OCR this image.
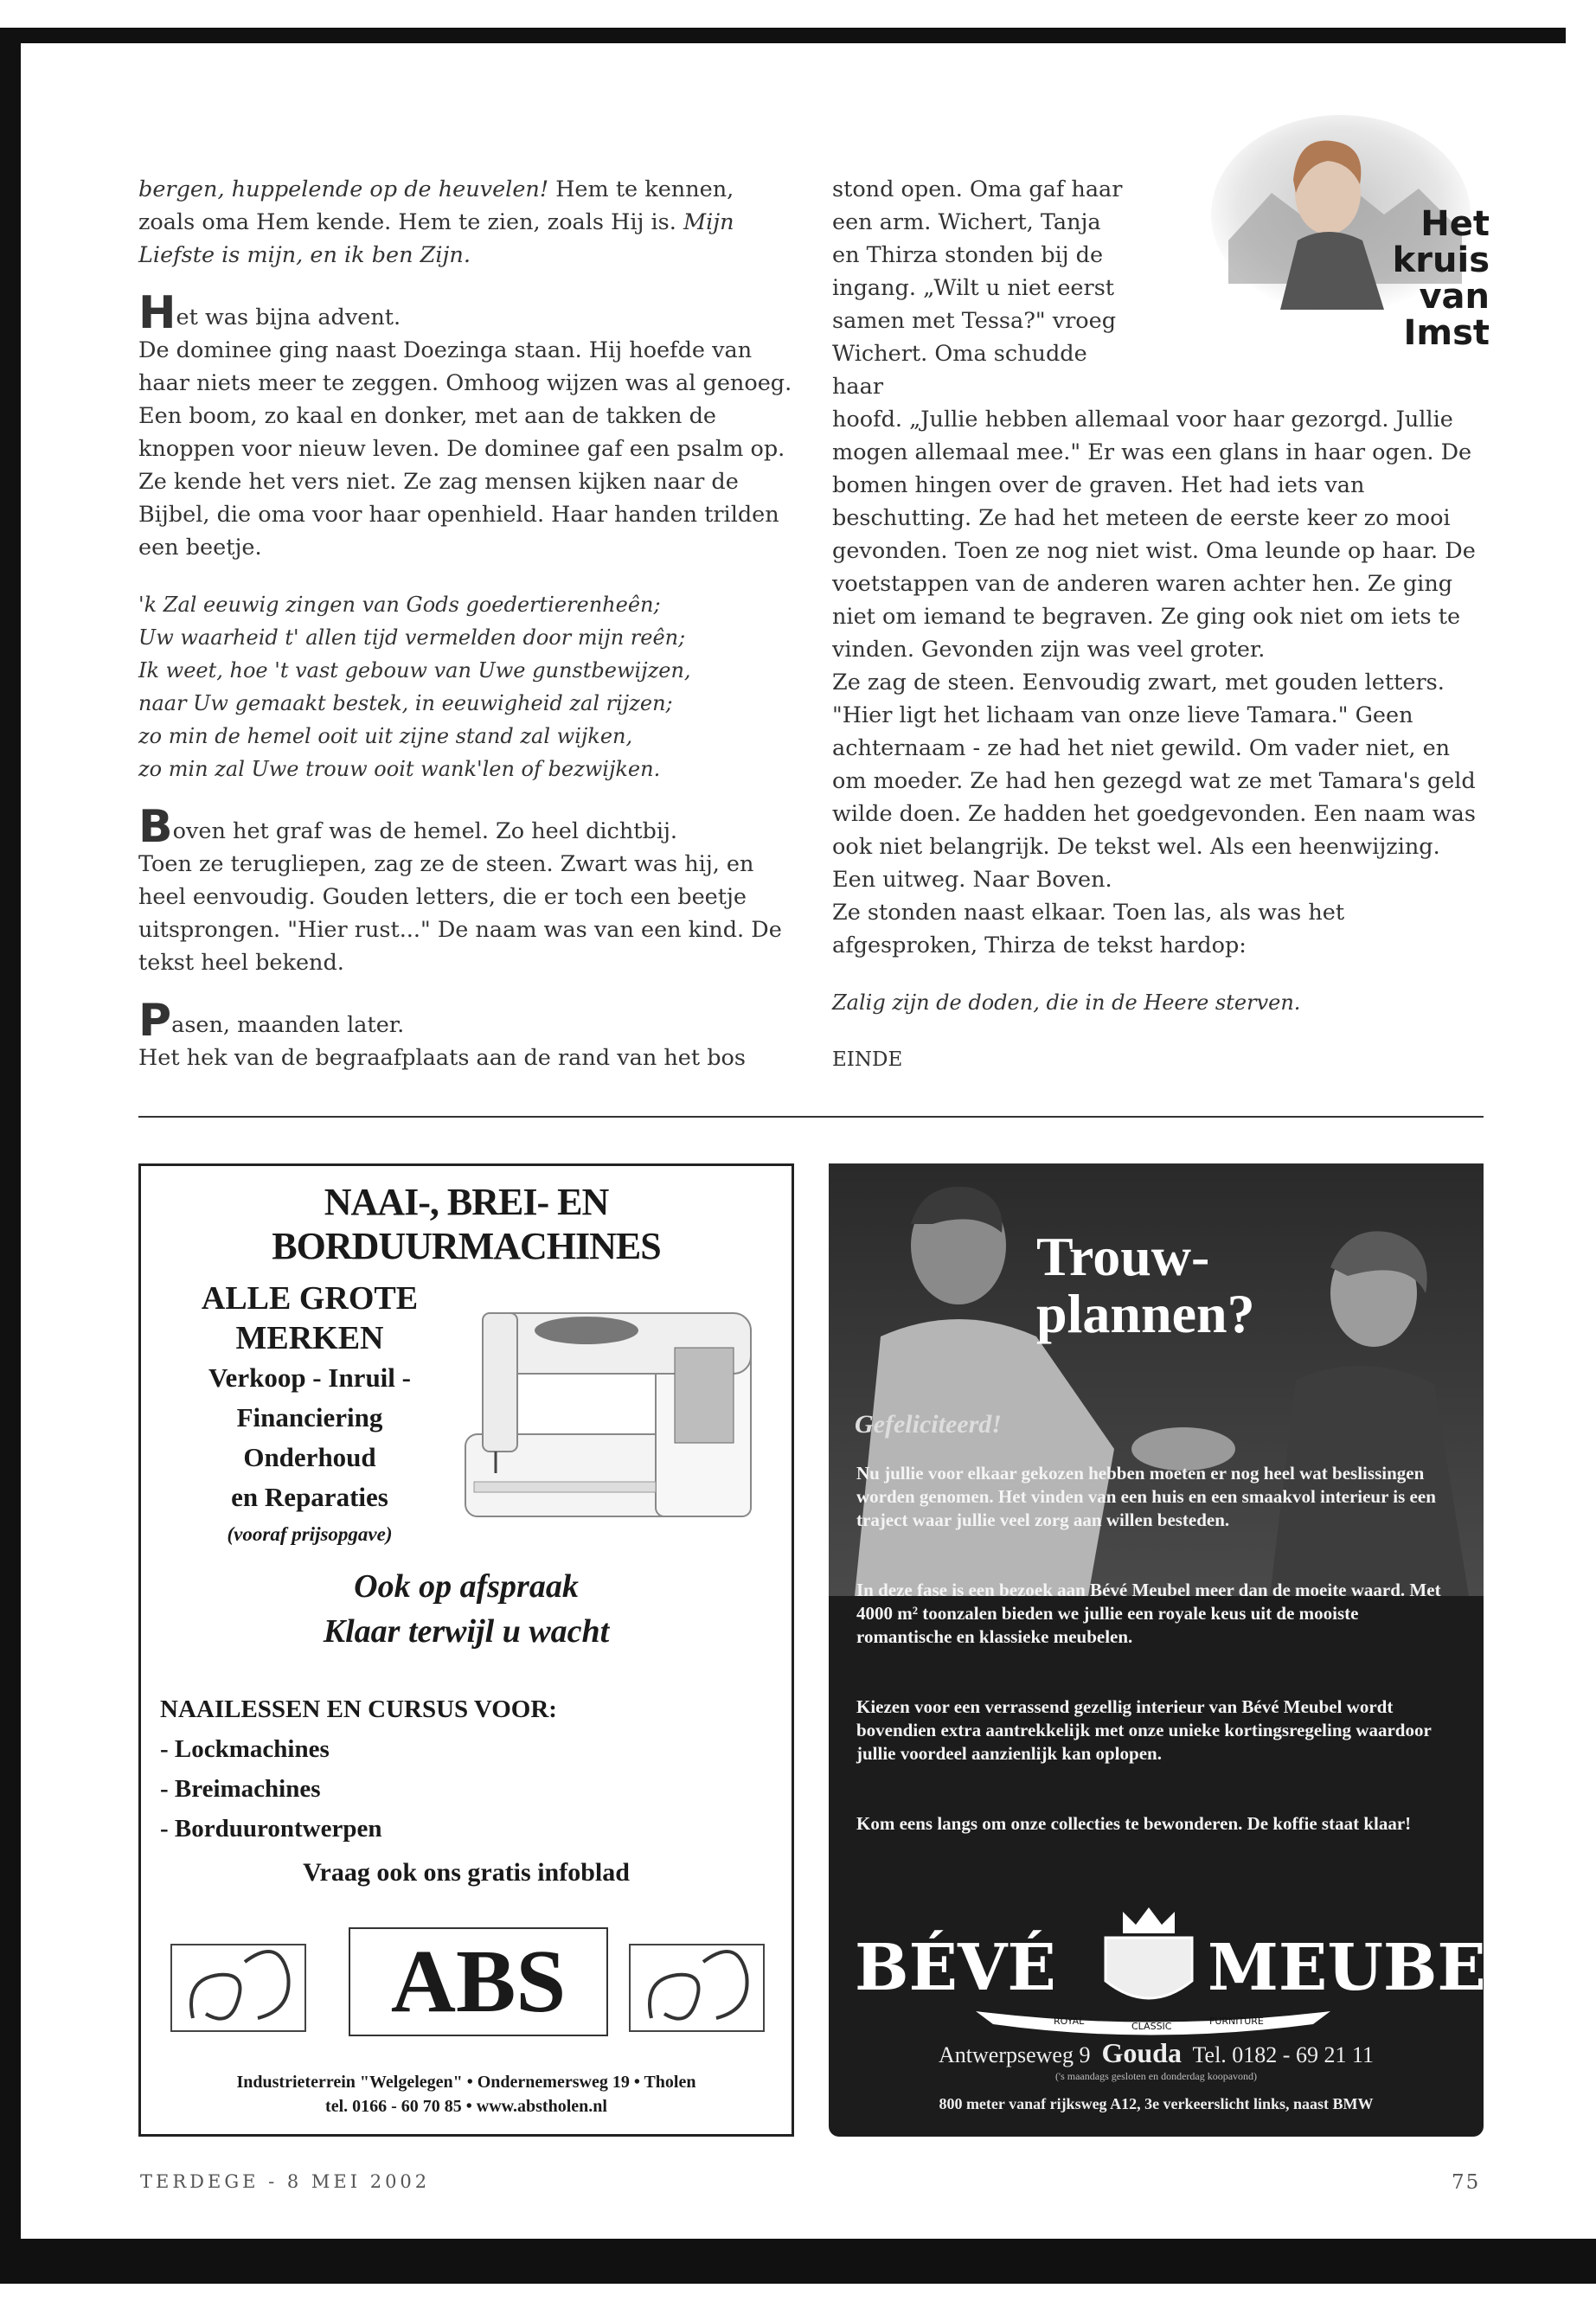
bergen, huppelende op de heuvelen! Hem te kennen, zoals oma Hem kende. Hem te zien, zoals Hij is. Mijn Liefste is mijn, en ik ben Zijn.

Het was bijna advent.

De dominee ging naast Doezinga staan. Hij hoefde van haar niets meer te zeggen. Omhoog wijzen was al genoeg. Een boom, zo kaal en donker, met aan de takken de knoppen voor nieuw leven. De dominee gaf een psalm op. Ze kende het vers niet. Ze zag mensen kijken naar de Bijbel, die oma voor haar openhield. Haar handen trilden een beetje.

'k Zal eeuwig zingen van Gods goedertierenheên;
Uw waarheid t' allen tijd vermelden door mijn reên;
Ik weet, hoe 't vast gebouw van Uwe gunstbewijzen,
naar Uw gemaakt bestek, in eeuwigheid zal rijzen;
zo min de hemel ooit uit zijne stand zal wijken,
zo min zal Uwe trouw ooit wank'len of bezwijken.

Boven het graf was de hemel. Zo heel dichtbij.

Toen ze terugliepen, zag ze de steen. Zwart was hij, en heel eenvoudig. Gouden letters, die er toch een beetje uitsprongen. "Hier rust..." De naam was van een kind. De tekst heel bekend.

Pasen, maanden later.

Het hek van de begraafplaats aan de rand van het bos

Het
kruis
van
Imst

stond open. Oma gaf haar een arm. Wichert, Tanja en Thirza stonden bij de ingang. „Wilt u niet eerst samen met Tessa?" vroeg Wichert. Oma schudde haar

hoofd. „Jullie hebben allemaal voor haar gezorgd. Jullie mogen allemaal mee." Er was een glans in haar ogen. De bomen hingen over de graven. Het had iets van beschutting. Ze had het meteen de eerste keer zo mooi gevonden. Toen ze nog niet wist. Oma leunde op haar. De voetstappen van de anderen waren achter hen. Ze ging niet om iemand te begraven. Ze ging ook niet om iets te vinden. Gevonden zijn was veel groter.

Ze zag de steen. Eenvoudig zwart, met gouden letters. "Hier ligt het lichaam van onze lieve Tamara." Geen achternaam - ze had het niet gewild. Om vader niet, en om moeder. Ze had hen gezegd wat ze met Tamara's geld wilde doen. Ze hadden het goedgevonden. Een naam was ook niet belangrijk. De tekst wel. Als een heenwijzing. Een uitweg. Naar Boven.

Ze stonden naast elkaar. Toen las, als was het afgesproken, Thirza de tekst hardop:

Zalig zijn de doden, die in de Heere sterven.

EINDE

NAAI-, BREI- EN BORDUURMACHINES
ALLE GROTE
MERKEN
Verkoop - Inruil -
Financiering
Onderhoud
en Reparaties
(vooraf prijsopgave)
Ook op afspraak
Klaar terwijl u wacht
NAAILESSEN EN CURSUS VOOR:
- Lockmachines
- Breimachines
- Borduurontwerpen
Vraag ook ons gratis infoblad
ABS
Industrieterrein "Welgelegen" • Ondernemersweg 19 • Tholen
tel. 0166 - 60 70 85 • www.abstholen.nl
Trouw-
plannen?
Gefeliciteerd!
Nu jullie voor elkaar gekozen hebben moeten er nog heel wat beslissingen worden genomen. Het vinden van een huis en een smaakvol interieur is een traject waar jullie veel zorg aan willen besteden.
In deze fase is een bezoek aan Bévé Meubel meer dan de moeite waard. Met 4000 m² toonzalen bieden we jullie een royale keus uit de mooiste romantische en klassieke meubelen.
Kiezen voor een verrassend gezellig interieur van Bévé Meubel wordt bovendien extra aantrekkelijk met onze unieke kortingsregeling waardoor jullie voordeel aanzienlijk kan oplopen.
Kom eens langs om onze collecties te bewonderen. De koffie staat klaar!
BÉVÉ MEUBEL
ROYAL	CLASSIC	FURNITURE
Antwerpseweg 9 Gouda Tel. 0182 - 69 21 11
('s maandags gesloten en donderdag koopavond)
800 meter vanaf rijksweg A12, 3e verkeerslicht links, naast BMW
TERDEGE - 8 MEI 2002	75
